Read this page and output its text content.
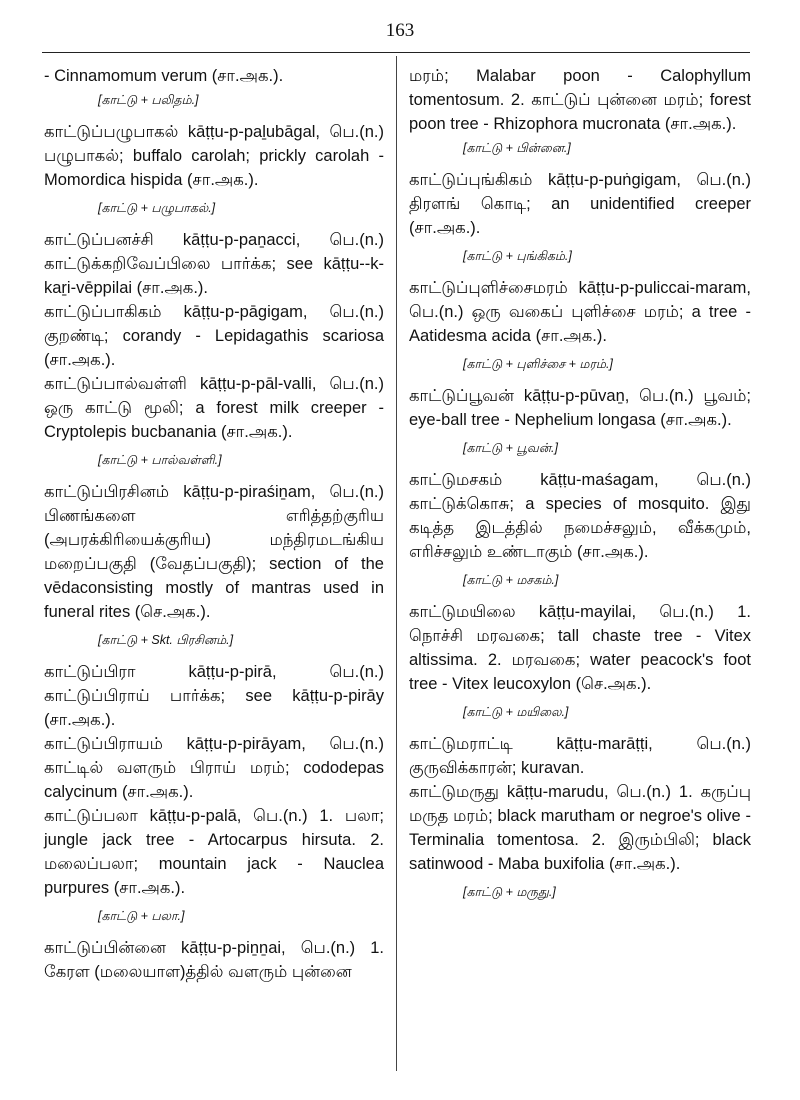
163

- Cinnamomum verum (சா.அக.).

[காட்டு + பலிதம்.]

காட்டுப்பழுபாகல் kāṭṭu-p-paḻubāgal, பெ.(n.) பழுபாகல்; buffalo carolah; prickly carolah - Momordica hispida (சா.அக.).

[காட்டு + பழுபாகல்.]

காட்டுப்பனச்சி kāṭṭu-p-paṉacci, பெ.(n.) காட்டுக்கறிவேப்பிலை பார்க்க; see kāṭṭu--k-kaṟi-vēppilai (சா.அக.).

காட்டுப்பாகிகம் kāṭṭu-p-pāgigam, பெ.(n.) குறண்டி; corandy - Lepidagathis scariosa (சா.அக.).

காட்டுப்பால்வள்ளி kāṭṭu-p-pāl-valli, பெ.(n.) ஒரு காட்டு மூலி; a forest milk creeper - Cryptolepis bucbanania (சா.அக.).

[காட்டு + பால்வள்ளி.]

காட்டுப்பிரசினம் kāṭṭu-p-piraśiṉam, பெ.(n.) பிணங்களை எரித்தற்குரிய (அபரக்கிரியைக்குரிய) மந்திரமடங்கிய மறைப்பகுதி (வேதப்பகுதி); section of the vēdaconsisting mostly of mantras used in funeral rites (செ.அக.).

[காட்டு + Skt. பிரசினம்.]

காட்டுப்பிரா kāṭṭu-p-pirā, பெ.(n.) காட்டுப்பிராய் பார்க்க; see kāṭṭu-p-pirāy (சா.அக.).

காட்டுப்பிராயம் kāṭṭu-p-pirāyam, பெ.(n.) காட்டில் வளரும் பிராய் மரம்; cododepas calycinum (சா.அக.).

காட்டுப்பலா kāṭṭu-p-palā, பெ.(n.) 1. பலா; jungle jack tree - Artocarpus hirsuta. 2. மலைப்பலா; mountain jack - Nauclea purpures (சா.அக.).

[காட்டு + பலா.]

காட்டுப்பின்னை kāṭṭu-p-piṉṉai, பெ.(n.) 1. கேரள (மலையாள)த்தில் வளரும் புன்னை

மரம்; Malabar poon - Calophyllum tomentosum. 2. காட்டுப் புன்னை மரம்; forest poon tree - Rhizophora mucronata (சா.அக.).

[காட்டு + பின்னை.]

காட்டுப்புங்கிகம் kāṭṭu-p-puṅgigam, பெ.(n.) திரளங் கொடி; an unidentified creeper (சா.அக.).

[காட்டு + புங்கிகம்.]

காட்டுப்புளிச்சைமரம் kāṭṭu-p-puliccai-maram, பெ.(n.) ஒரு வகைப் புளிச்சை மரம்; a tree - Aatidesma acida (சா.அக.).

[காட்டு + புளிச்சை + மரம்.]

காட்டுப்பூவன் kāṭṭu-p-pūvaṉ, பெ.(n.) பூவம்; eye-ball tree - Nephelium longasa (சா.அக.).

[காட்டு + பூவன்.]

காட்டுமசகம் kāṭṭu-maśagam, பெ.(n.) காட்டுக்கொசு; a species of mosquito. இது கடித்த இடத்தில் நமைச்சலும், வீக்கமும், எரிச்சலும் உண்டாகும் (சா.அக.).

[காட்டு + மசகம்.]

காட்டுமயிலை kāṭṭu-mayilai, பெ.(n.) 1. நொச்சி மரவகை; tall chaste tree - Vitex altissima. 2. மரவகை; water peacock's foot tree - Vitex leucoxylon (செ.அக.).

[காட்டு + மயிலை.]

காட்டுமராட்டி kāṭṭu-marāṭṭi, பெ.(n.) குருவிக்காரன்; kuravan.

காட்டுமருது kāṭṭu-marudu, பெ.(n.) 1. கருப்பு மருத மரம்; black marutham or negroe's olive - Terminalia tomentosa. 2. இரும்பிலி; black satinwood - Maba buxifolia (சா.அக.).

[காட்டு + மருது.]
